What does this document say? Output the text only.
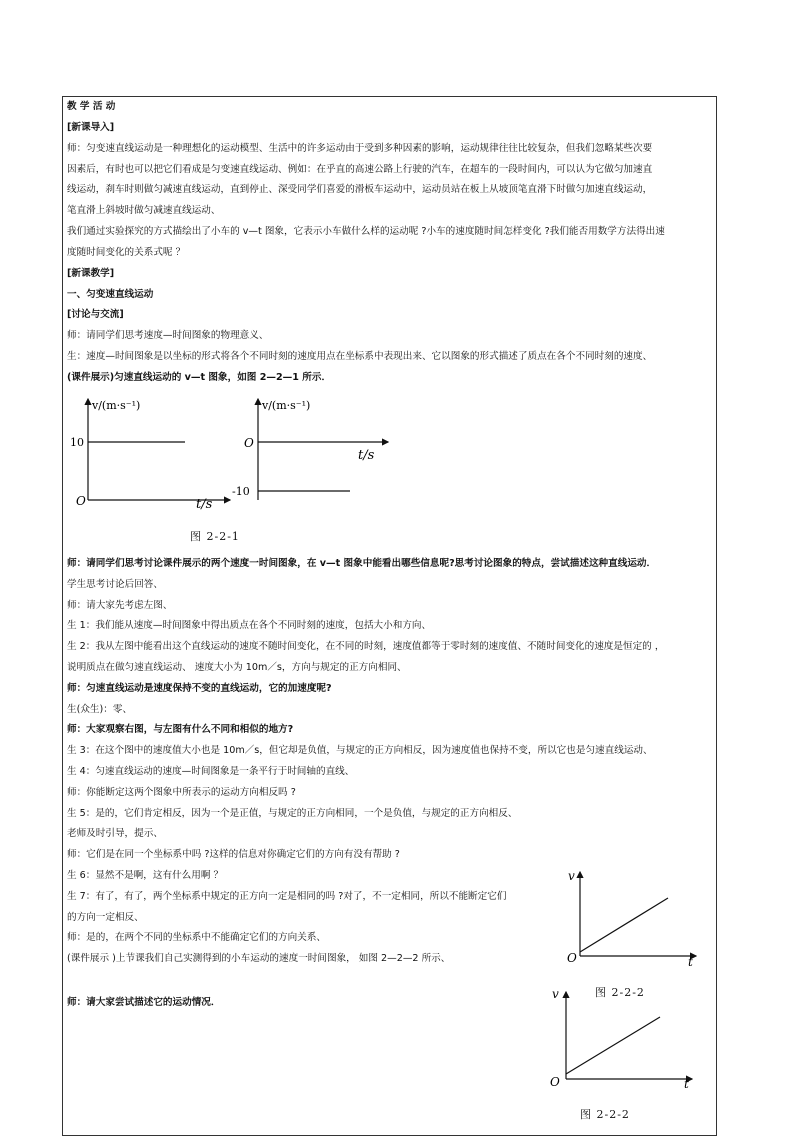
教 学 活 动
[新课导入]
师：匀变速直线运动是一种理想化的运动模型、生活中的许多运动由于受到多种因素的影响，运动规律往往比较复杂，但我们忽略某些次要
因素后，有时也可以把它们看成是匀变速直线运动、例如：在乎直的高速公路上行驶的汽车，在超车的一段时间内，可以认为它做匀加速直
线运动，刹车时则做匀减速直线运动，直到停止、深受同学们喜爱的滑板车运动中，运动员站在板上从坡顶笔直滑下时做匀加速直线运动，
笔直滑上斜坡时做匀减速直线运动、
我们通过实验探究的方式描绘出了小车的 v—t 图象，它表示小车做什么样的运动呢 ?小车的速度随时间怎样变化 ?我们能否用数学方法得出速
度随时间变化的关系式呢 ？
[新课教学]
一、匀变速直线运动
[讨论与交流]
师：请同学们思考速度—时间图象的物理意义、
生：速度—时间图象是以坐标的形式将各个不同时刻的速度用点在坐标系中表现出来、它以图象的形式描述了质点在各个不同时刻的速度、
(课件展示)匀速直线运动的 v—t 图象，如图 2—2—1 所示．
v/(m·s⁻¹)
10
O	t/s
v/(m·s⁻¹)
O
t/s
-10
图 2-2-1
师：请同学们思考讨论课件展示的两个速度一时间图象，在 v—t 图象中能看出哪些信息呢?思考讨论图象的特点，尝试描述这种直线运动．
学生思考讨论后回答、
师：请大家先考虑左图、
生 1：我们能从速度—时间图象中得出质点在各个不同时刻的速度，包括大小和方向、
生 2：我从左图中能看出这个直线运动的速度不随时间变化，在不同的时刻，速度值都等于零时刻的速度值、不随时间变化的速度是恒定的 ，
说明质点在做匀速直线运动、 速度大小为 10m／s，方向与规定的正方向相同、
师：匀速直线运动是速度保持不变的直线运动，它的加速度呢?
生(众生)：零、
师：大家观察右图，与左图有什么不同和相似的地方?
生 3：在这个图中的速度值大小也是 10m／s，但它却是负值，与规定的正方向相反，因为速度值也保持不变，所以它也是匀速直线运动、
生 4：匀速直线运动的速度—时间图象是一条平行于时间轴的直线、
师：你能断定这两个图象中所表示的运动方向相反吗 ?
生 5：是的，它们肯定相反，因为一个是正值，与规定的正方向相同，一个是负值，与规定的正方向相反、
老师及时引导，提示、
师：它们是在同一个坐标系中吗 ?这样的信息对你确定它们的方向有没有帮助 ?
生 6：显然不是啊，这有什么用啊 ？
生 7：有了，有了，两个坐标系中规定的正方向一定是相同的吗 ?对了，不一定相同，所以不能断定它们
的方向一定相反、
师：是的，在两个不同的坐标系中不能确定它们的方向关系、
(课件展示 )上节课我们自己实测得到的小车运动的速度一时间图象， 如图 2—2—2 所示、
师：请大家尝试描述它的运动情况．
v
O	t
图 2-2-2
v
O	t
图 2-2-2
